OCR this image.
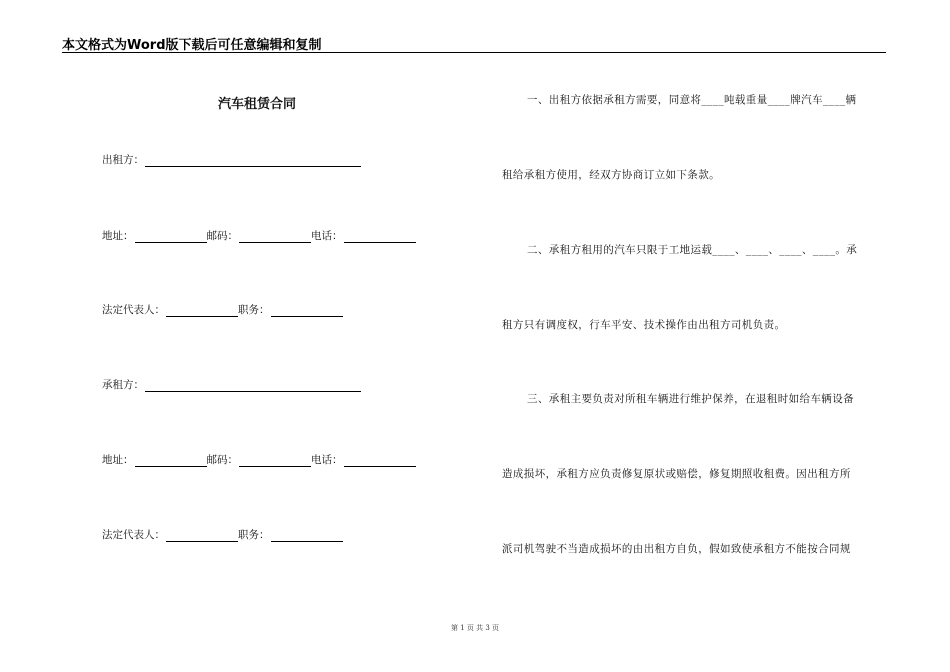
本文格式为Word版下载后可任意编辑和复制
汽车租赁合同
出租方：
地址：	邮码：	电话：
法定代表人：	职务：
承租方：
地址：	邮码：	电话：
法定代表人：	职务：
一、出租方依据承租方需要，同意将____吨载重量____牌汽车____辆
租给承租方使用，经双方协商订立如下条款。
二、承租方租用的汽车只限于工地运载____、____、____、____。承
租方只有调度权，行车平安、技术操作由出租方司机负责。
三、承租主要负责对所租车辆进行维护保养，在退租时如给车辆设备
造成损坏，承租方应负责修复原状或赔偿，修复期照收租费。因出租方所
派司机驾驶不当造成损坏的由出租方自负，假如致使承租方不能按合同规
第 1 页 共 3 页
